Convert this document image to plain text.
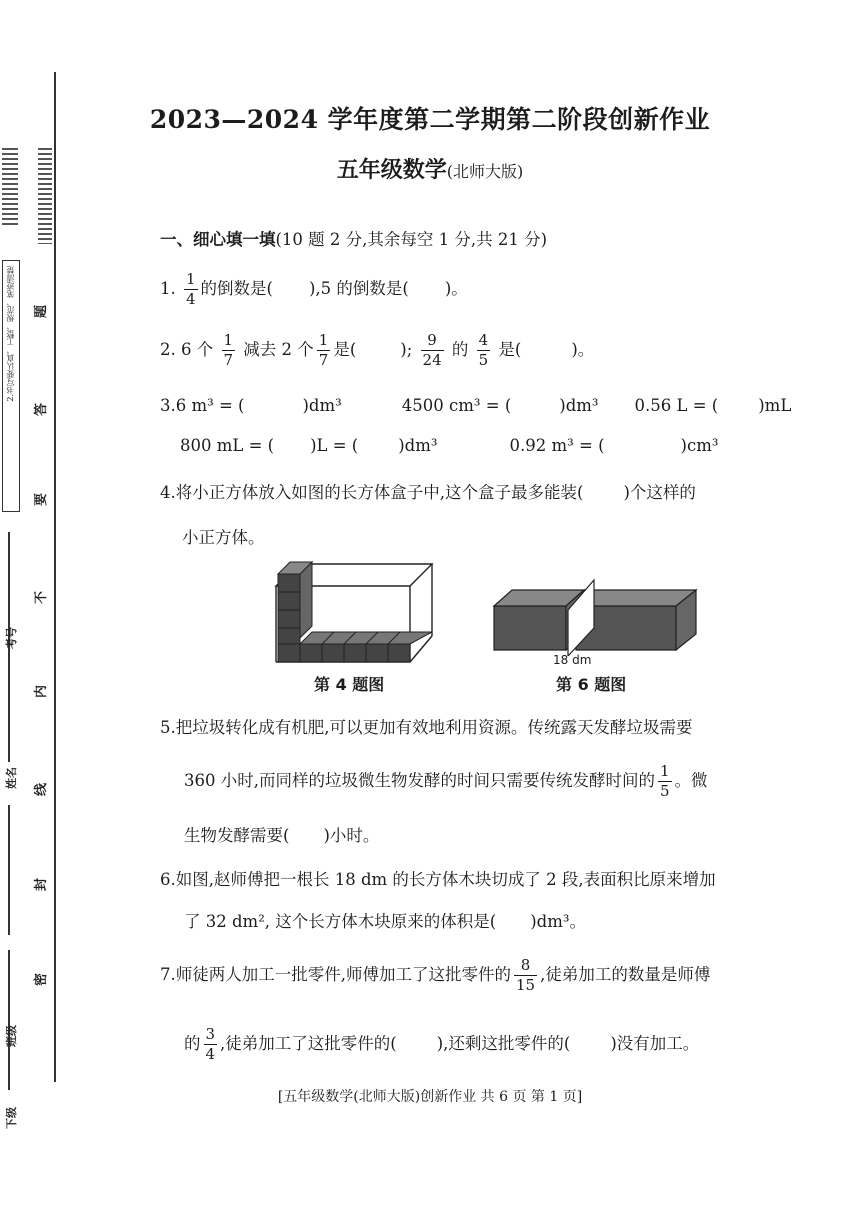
2.书写要认真、工整、规范、笔迹清楚
下级
班级
姓名
考号
密
封
线
内
不
要
答
题
2023—2024 学年度第二学期第二阶段创新作业
五年级数学(北师大版)
一、细心填一填(10 题 2 分,其余每空 1 分,共 21 分)
1. $\frac{1}{4}$ 的倒数是( ),5 的倒数是( )。
2. 6 个 $\frac{1}{7}$ 减去 2 个 $\frac{1}{7}$ 是(	); $\frac{9}{24}$ 的 $\frac{4}{5}$ 是(	)。
3.6 m³ = (	)dm³	4500 cm³ = (	)dm³ 0.56 L = ( )mL
800 mL = ( )L = ( )dm³	0.92 m³ = (	)cm³
4.将小正方体放入如图的长方体盒子中,这个盒子最多能装( )个这样的
小正方体。
第 4 题图
18 dm
第 6 题图
5.把垃圾转化成有机肥,可以更加有效地利用资源。传统露天发酵垃圾需要
360 小时,而同样的垃圾微生物发酵的时间只需要传统发酵时间的 $\frac{1}{5}$ 。微
生物发酵需要( )小时。
6.如图,赵师傅把一根长 18 dm 的长方体木块切成了 2 段,表面积比原来增加
了 32 dm², 这个长方体木块原来的体积是( )dm³。
7.师徒两人加工一批零件,师傅加工了这批零件的 $\frac{8}{15}$ ,徒弟加工的数量是师傅
的 $\frac{3}{4}$ ,徒弟加工了这批零件的( ),还剩这批零件的( )没有加工。
[五年级数学(北师大版)创新作业 共 6 页 第 1 页]
